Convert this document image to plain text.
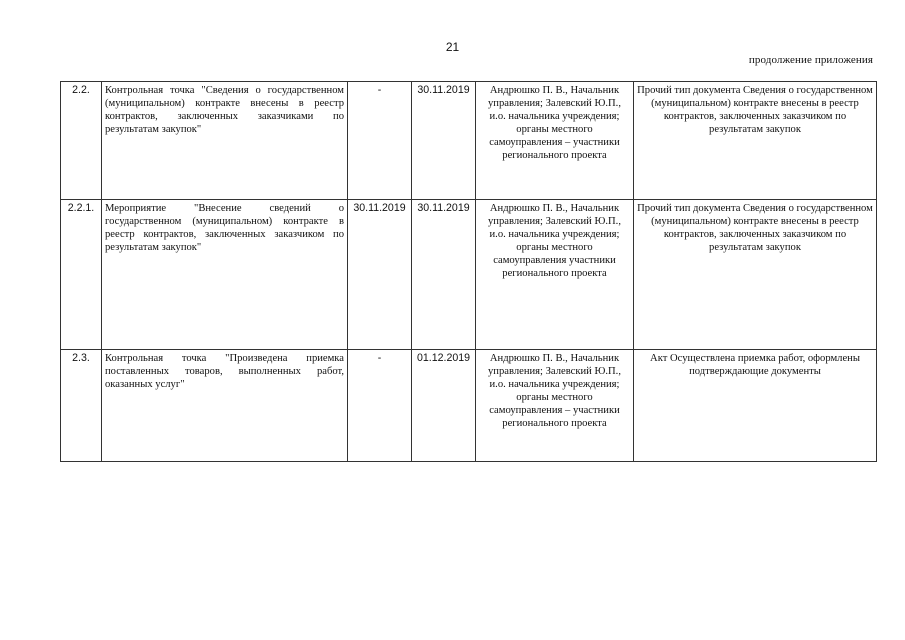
21
продолжение приложения
2.2.	Контрольная точка "Сведения о государственном (муниципальном) контракте внесены в реестр контрактов, заключенных заказчиками по результатам закупок"	-	30.11.2019	Андрюшко П. В., Начальник управления; Залевский Ю.П., и.о. начальника учреждения; органы местного самоуправления – участники регионального проекта	Прочий тип документа Сведения о государственном (муниципальном) контракте внесены в реестр контрактов, заключенных заказчиком по результатам закупок
2.2.1.	Мероприятие "Внесение сведений о государственном (муниципальном) контракте в реестр контрактов, заключенных заказчиком по результатам закупок"	30.11.2019	30.11.2019	Андрюшко П. В., Начальник управления; Залевский Ю.П., и.о. начальника учреждения; органы местного самоуправления участники регионального проекта	Прочий тип документа Сведения о государственном (муниципальном) контракте внесены в реестр контрактов, заключенных заказчиком по результатам закупок
2.3.	Контрольная точка "Произведена приемка поставленных товаров, выполненных работ, оказанных услуг"	-	01.12.2019	Андрюшко П. В., Начальник управления; Залевский Ю.П., и.о. начальника учреждения; органы местного самоуправления – участники регионального проекта	Акт Осуществлена приемка работ, оформлены подтверждающие документы
